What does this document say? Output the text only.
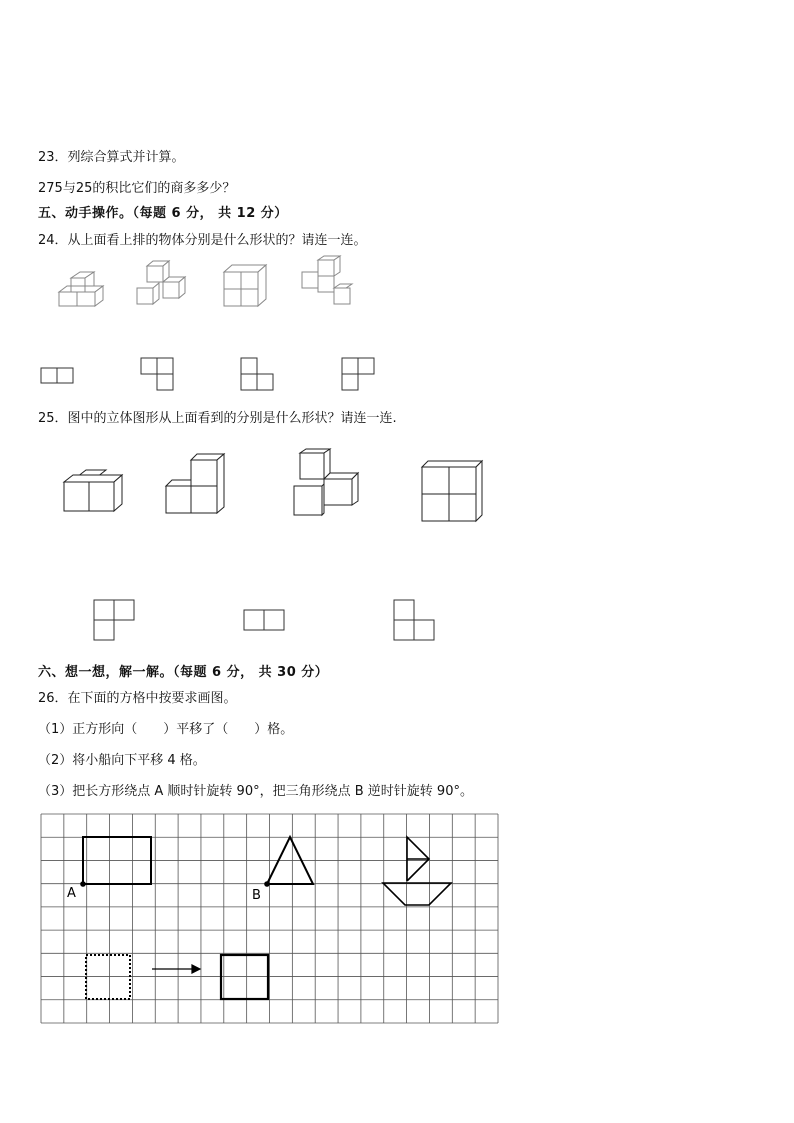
23．列综合算式并计算。
275与25的积比它们的商多多少？
五、动手操作。（每题 6 分， 共 12 分）
24．从上面看上排的物体分别是什么形状的？请连一连。
25．图中的立体图形从上面看到的分别是什么形状？请连一连.
六、想一想，解一解。（每题 6 分， 共 30 分）
26．在下面的方格中按要求画图。
（1）正方形向（　　）平移了（　　）格。
（2）将小船向下平移 4 格。
（3）把长方形绕点 A 顺时针旋转 90°，把三角形绕点 B 逆时针旋转 90°。
A	B
